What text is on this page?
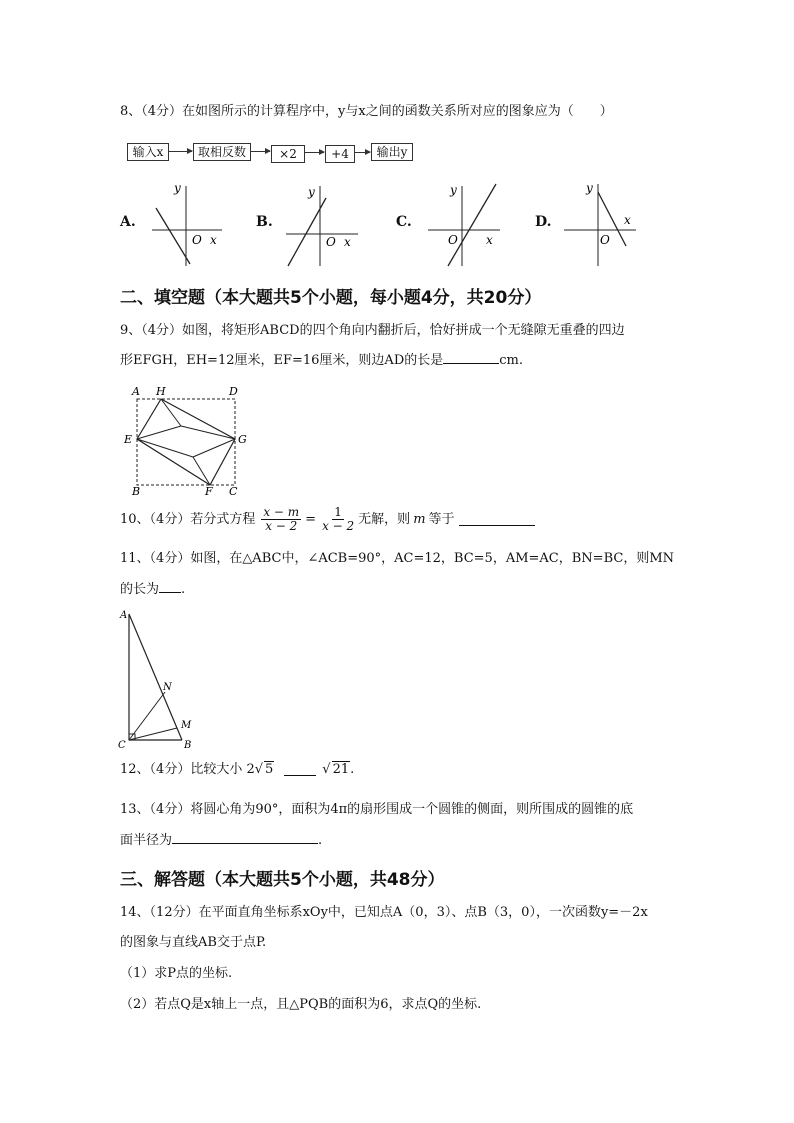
8、（4分）在如图所示的计算程序中，y与x之间的函数关系所对应的图象应为（　　）
输入x	取相反数	×2	+4	输出y
A.
y
O x
B.
y
O x
C.
y
O x
D.
y
O
x
二、填空题（本大题共5个小题，每小题4分，共20分）
9、（4分）如图，将矩形ABCD的四个角向内翻折后，恰好拼成一个无缝隙无重叠的四边
形EFGH，EH=12厘米，EF=16厘米，则边AD的长是	cm.
A H	D
E	G
B	F C
10、（4分）若分式方程 $\frac{x - m}{x - 2} = \frac{1}{x - 2}$ 无解，则 m 等于
11、（4分）如图，在△ABC中，∠ACB=90°，AC=12，BC=5，AM=AC，BN=BC，则MN
的长为 .
A
N
M
C	B
12、（4分）比较大小 2 √ 5	√ 21 .
13、（4分）将圆心角为90°，面积为4π的扇形围成一个圆锥的侧面，则所围成的圆锥的底
面半径为	.
三、解答题（本大题共5个小题，共48分）
14、（12分）在平面直角坐标系xOy中，已知点A（0，3）、点B（3，0），一次函数y=－2x
的图象与直线AB交于点P.
（1）求P点的坐标.
（2）若点Q是x轴上一点，且△PQB的面积为6，求点Q的坐标.
